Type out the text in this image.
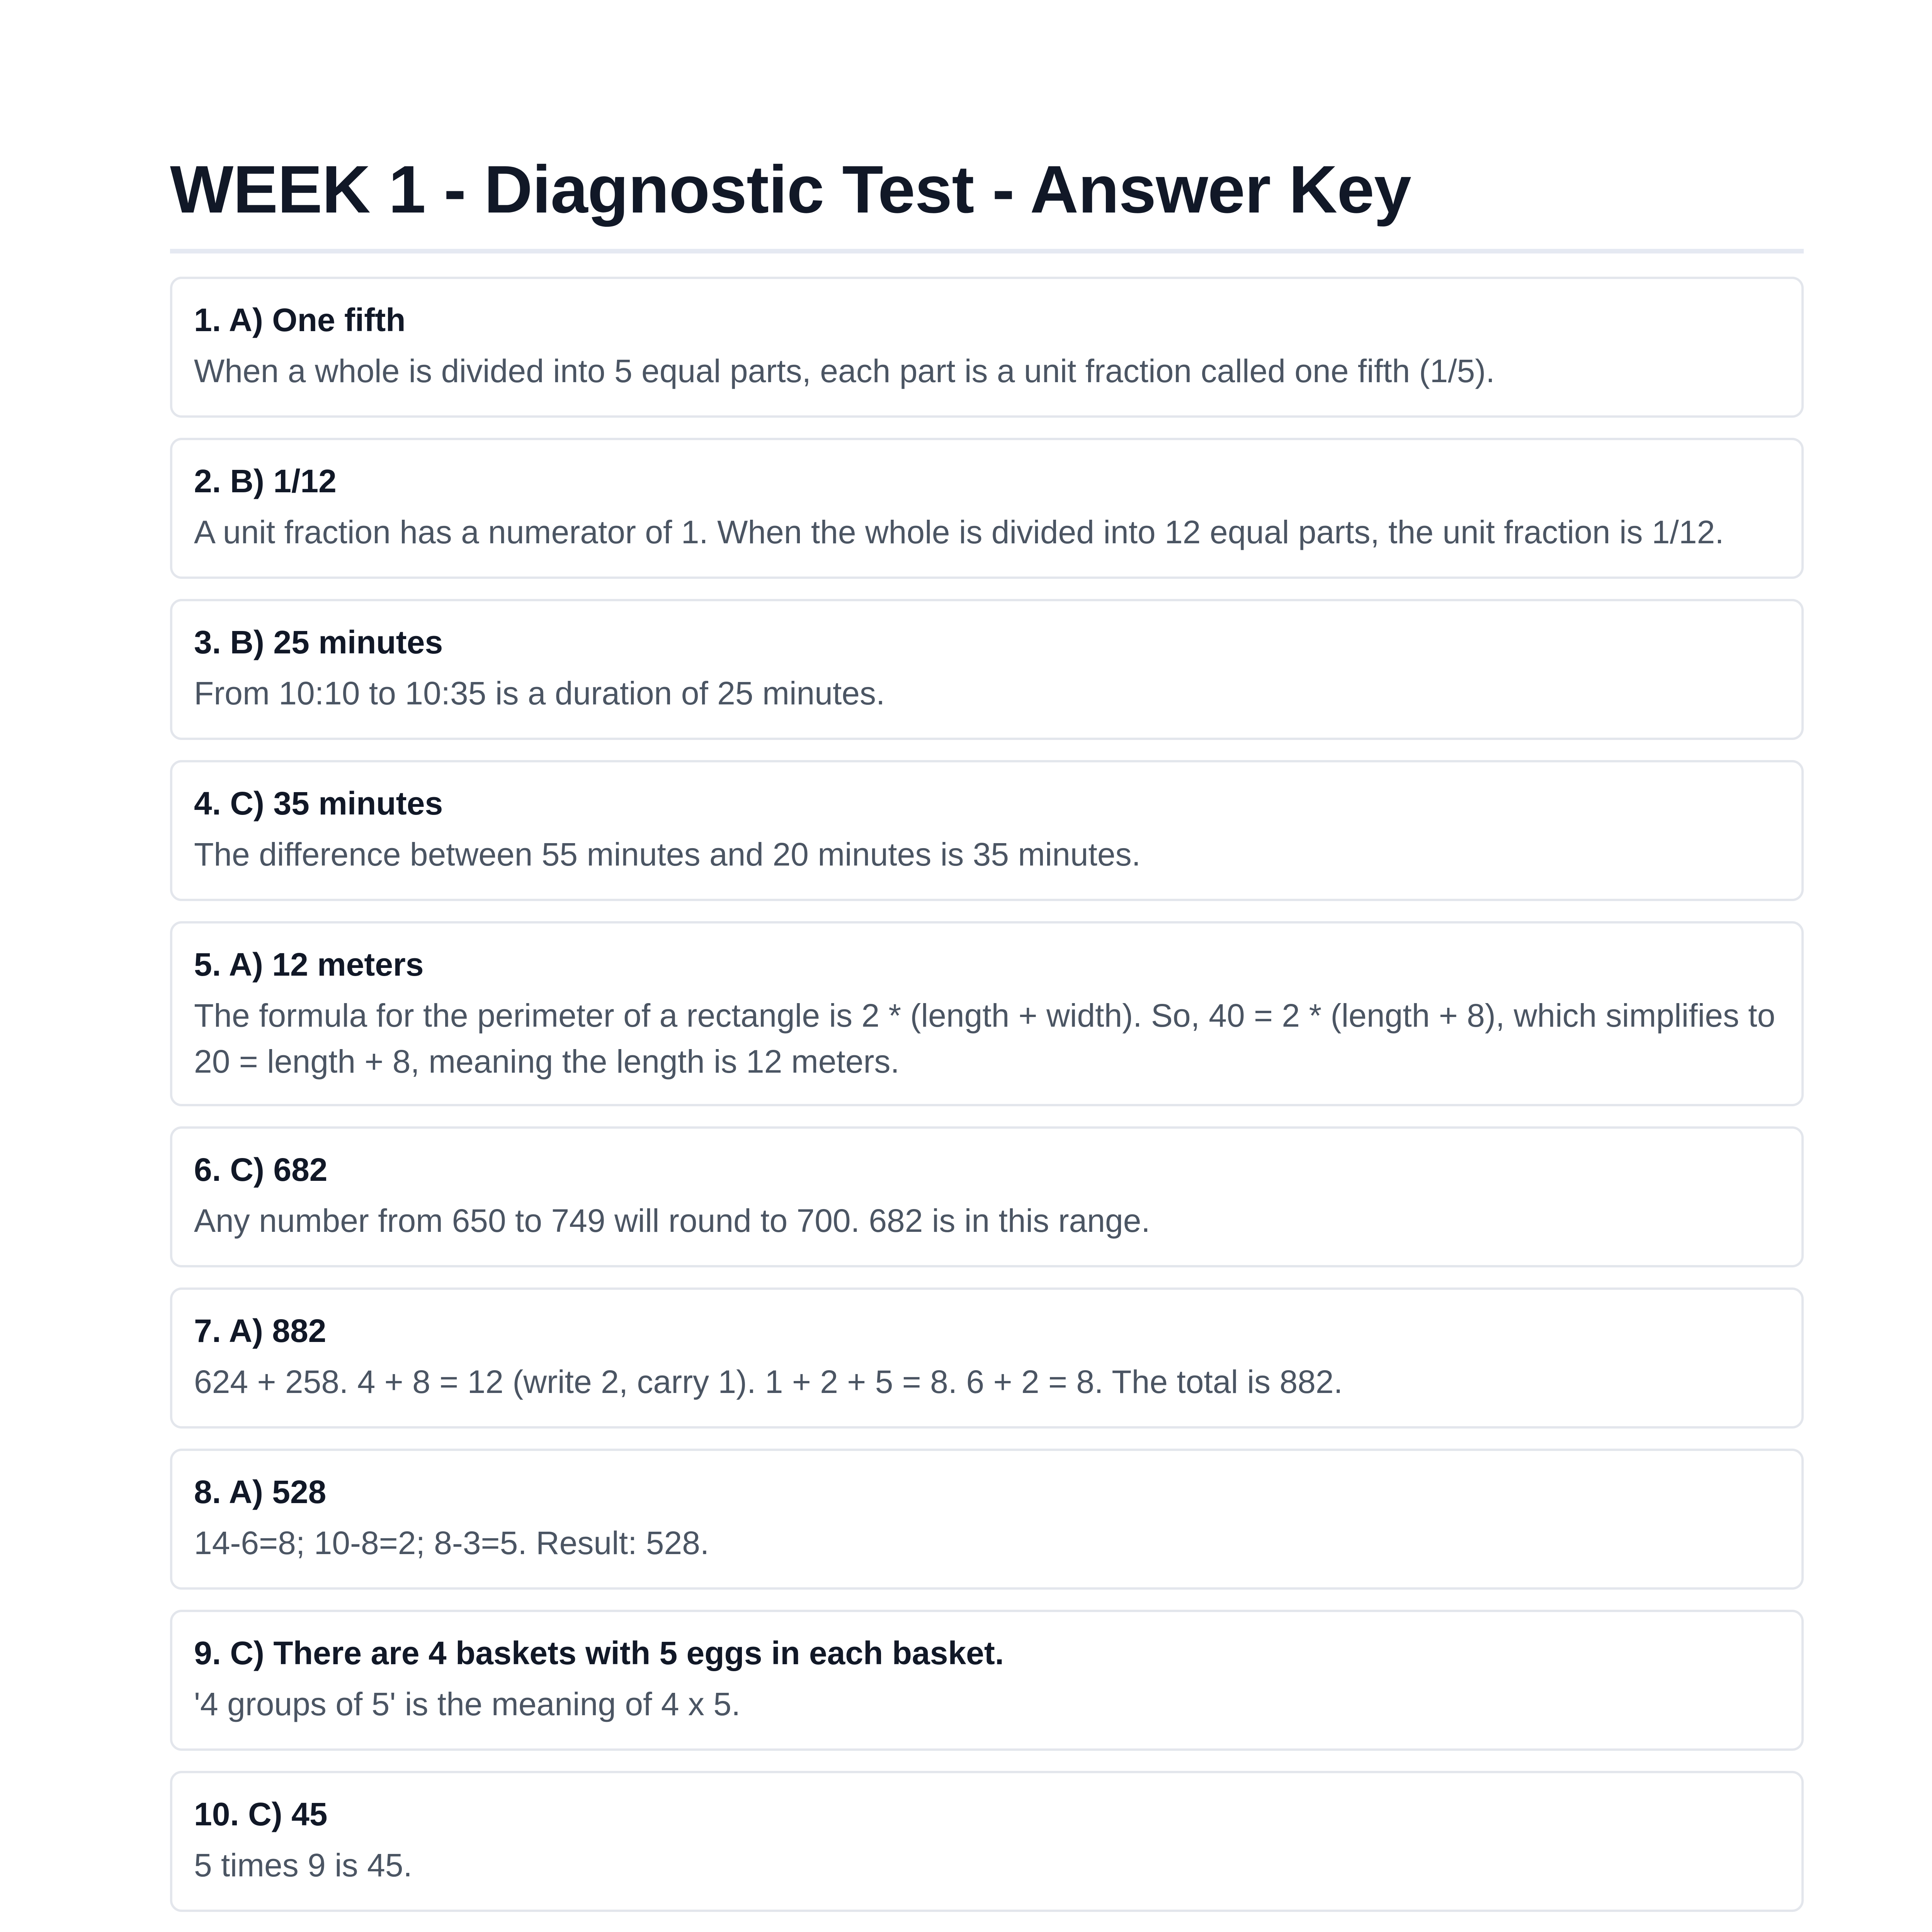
WEEK 1 - Diagnostic Test - Answer Key

1. A) One fifth

When a whole is divided into 5 equal parts, each part is a unit fraction called one fifth (1/5).

2. B) 1/12

A unit fraction has a numerator of 1. When the whole is divided into 12 equal parts, the unit fraction is 1/12.

3. B) 25 minutes

From 10:10 to 10:35 is a duration of 25 minutes.

4. C) 35 minutes

The difference between 55 minutes and 20 minutes is 35 minutes.

5. A) 12 meters

The formula for the perimeter of a rectangle is 2 * (length + width). So, 40 = 2 * (length + 8), which simplifies to 20 = length + 8, meaning the length is 12 meters.

6. C) 682

Any number from 650 to 749 will round to 700. 682 is in this range.

7. A) 882

624 + 258. 4 + 8 = 12 (write 2, carry 1). 1 + 2 + 5 = 8. 6 + 2 = 8. The total is 882.

8. A) 528

14-6=8; 10-8=2; 8-3=5. Result: 528.

9. C) There are 4 baskets with 5 eggs in each basket.

'4 groups of 5' is the meaning of 4 x 5.

10. C) 45

5 times 9 is 45.
